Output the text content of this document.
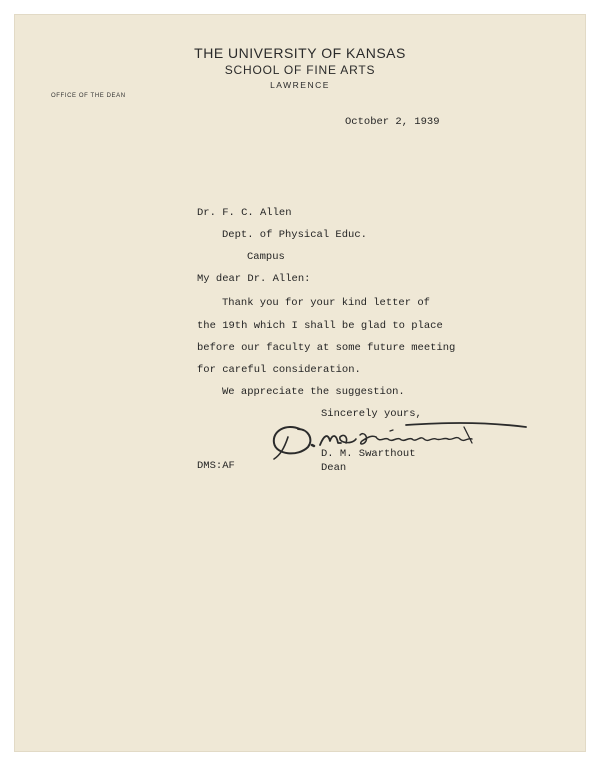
THE UNIVERSITY OF KANSAS
SCHOOL OF FINE ARTS
LAWRENCE
OFFICE OF THE DEAN
October 2, 1939
Dr. F. C. Allen
Dept. of Physical Educ.
Campus
My dear Dr. Allen:
Thank you for your kind letter of
the 19th which I shall be glad to place
before our faculty at some future meeting
for careful consideration.
We appreciate the suggestion.
Sincerely yours,
D. M. Swarthout
Dean
DMS:AF
